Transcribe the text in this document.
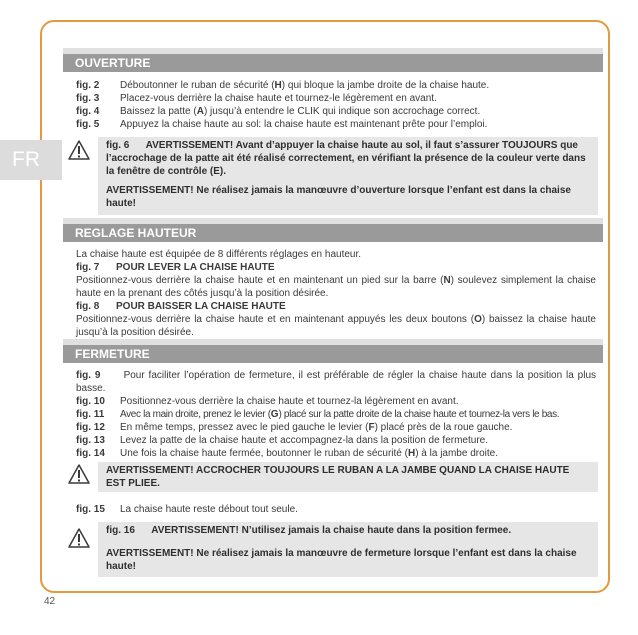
FR
OUVERTURE
fig. 2 Déboutonner le ruban de sécurité (H) qui bloque la jambe droite de la chaise haute.
fig. 3 Placez-vous derrière la chaise haute et tournez-le légèrement en avant.
fig. 4 Baissez la patte (A) jusqu’à entendre le CLIK qui indique son accrochage correct.
fig. 5 Appuyez la chaise haute au sol: la chaise haute est maintenant prête pour l’emploi.
fig. 6 AVERTISSEMENT! Avant d’appuyer la chaise haute au sol, il faut s’assurer TOUJOURS que l’accrochage de la patte ait été réalisé correctement, en vérifiant la présence de la couleur verte dans la fenêtre de contrôle (E).
AVERTISSEMENT! Ne réalisez jamais la manœuvre d’ouverture lorsque l’enfant est dans la chaise haute!
REGLAGE HAUTEUR
La chaise haute est équipée de 8 différents réglages en hauteur.
fig. 7 POUR LEVER LA CHAISE HAUTE
Positionnez-vous derrière la chaise haute et en maintenant un pied sur la barre (N) soulevez simplement la chaise haute en la prenant des côtés jusqu’à la position désirée.
fig. 8 POUR BAISSER LA CHAISE HAUTE
Positionnez-vous derrière la chaise haute et en maintenant appuyés les deux boutons (O) baissez la chaise haute jusqu’à la position désirée.
FERMETURE
fig. 9 Pour faciliter l’opération de fermeture, il est préférable de régler la chaise haute dans la position la plus basse.
fig. 10 Positionnez-vous derrière la chaise haute et tournez-la légèrement en avant.
fig. 11 Avec la main droite, prenez le levier (G) placé sur la patte droite de la chaise haute et tournez-la vers le bas.
fig. 12 En même temps, pressez avec le pied gauche le levier (F) placé près de la roue gauche.
fig. 13 Levez la patte de la chaise haute et accompagnez-la dans la position de fermeture.
fig. 14 Une fois la chaise haute fermée, boutonner le ruban de sécurité (H) à la jambe droite.
AVERTISSEMENT! ACCROCHER TOUJOURS LE RUBAN A LA JAMBE QUAND LA CHAISE HAUTE EST PLIEE.
fig. 15 La chaise haute reste débout tout seule.
fig. 16 AVERTISSEMENT! N’utilisez jamais la chaise haute dans la position fermee.
AVERTISSEMENT! Ne réalisez jamais la manœuvre de fermeture lorsque l’enfant est dans la chaise haute!
42
